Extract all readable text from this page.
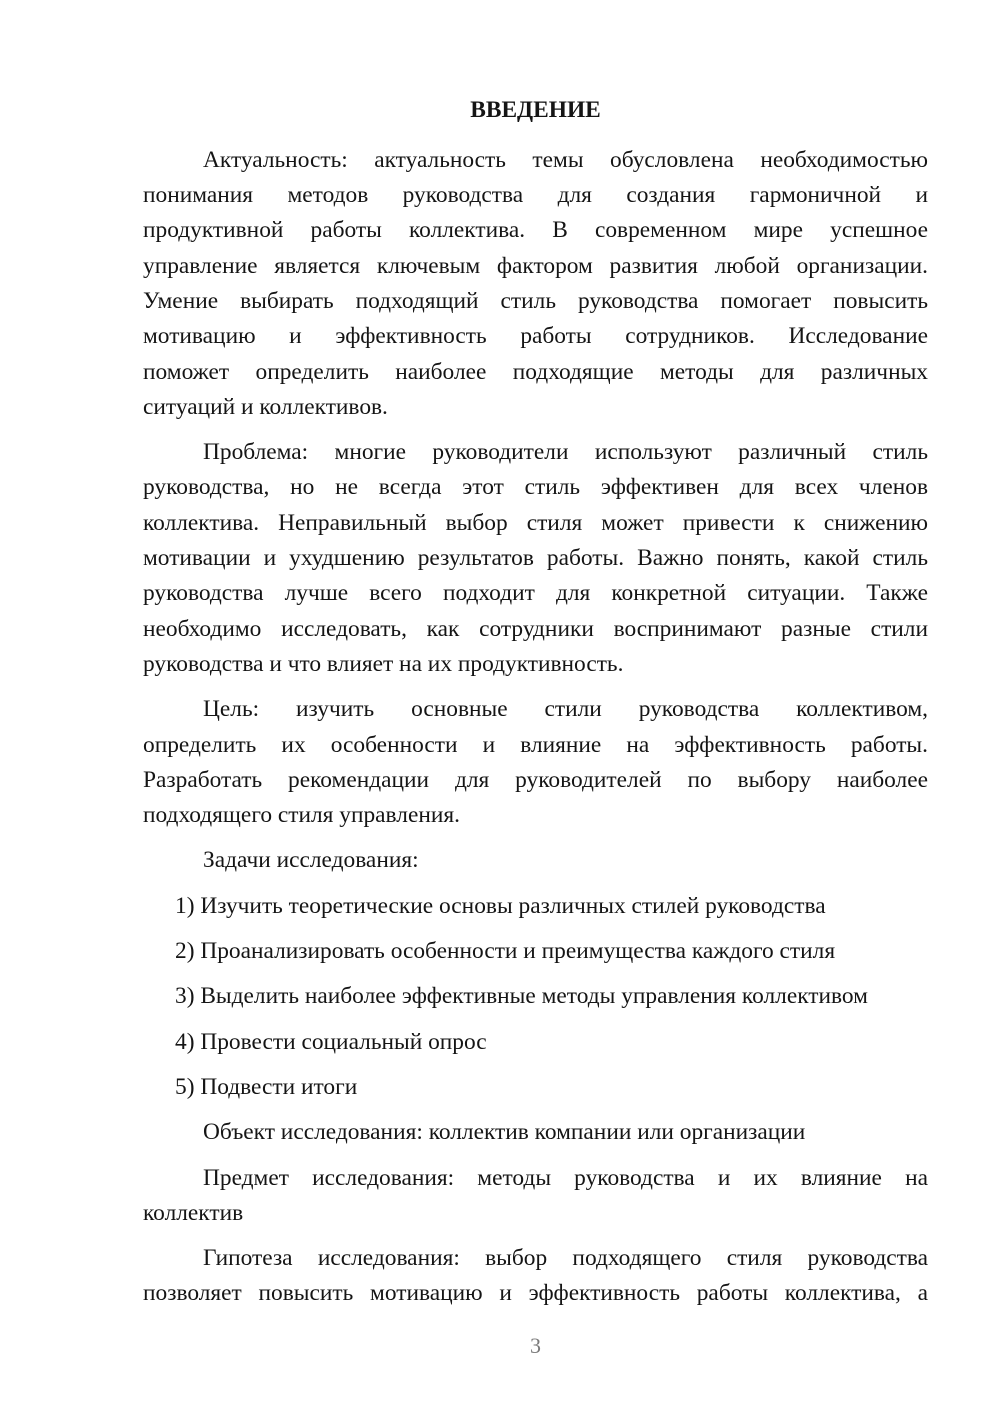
ВВЕДЕНИЕ
Актуальность: актуальность темы обусловлена необходимостью
понимания методов руководства для создания гармоничной и
продуктивной работы коллектива. В современном мире успешное
управление является ключевым фактором развития любой организации.
Умение выбирать подходящий стиль руководства помогает повысить
мотивацию и эффективность работы сотрудников. Исследование
поможет определить наиболее подходящие методы для различных
ситуаций и коллективов.
Проблема: многие руководители используют различный стиль
руководства, но не всегда этот стиль эффективен для всех членов
коллектива. Неправильный выбор стиля может привести к снижению
мотивации и ухудшению результатов работы. Важно понять, какой стиль
руководства лучше всего подходит для конкретной ситуации. Также
необходимо исследовать, как сотрудники воспринимают разные стили
руководства и что влияет на их продуктивность.
Цель: изучить основные стили руководства коллективом,
определить их особенности и влияние на эффективность работы.
Разработать рекомендации для руководителей по выбору наиболее
подходящего стиля управления.
Задачи исследования:
1) Изучить теоретические основы различных стилей руководства
2) Проанализировать особенности и преимущества каждого стиля
3) Выделить наиболее эффективные методы управления коллективом
4) Провести социальный опрос
5) Подвести итоги
Объект исследования: коллектив компании или организации
Предмет исследования: методы руководства и их влияние на
коллектив
Гипотеза исследования: выбор подходящего стиля руководства
позволяет повысить мотивацию и эффективность работы коллектива, а
3
